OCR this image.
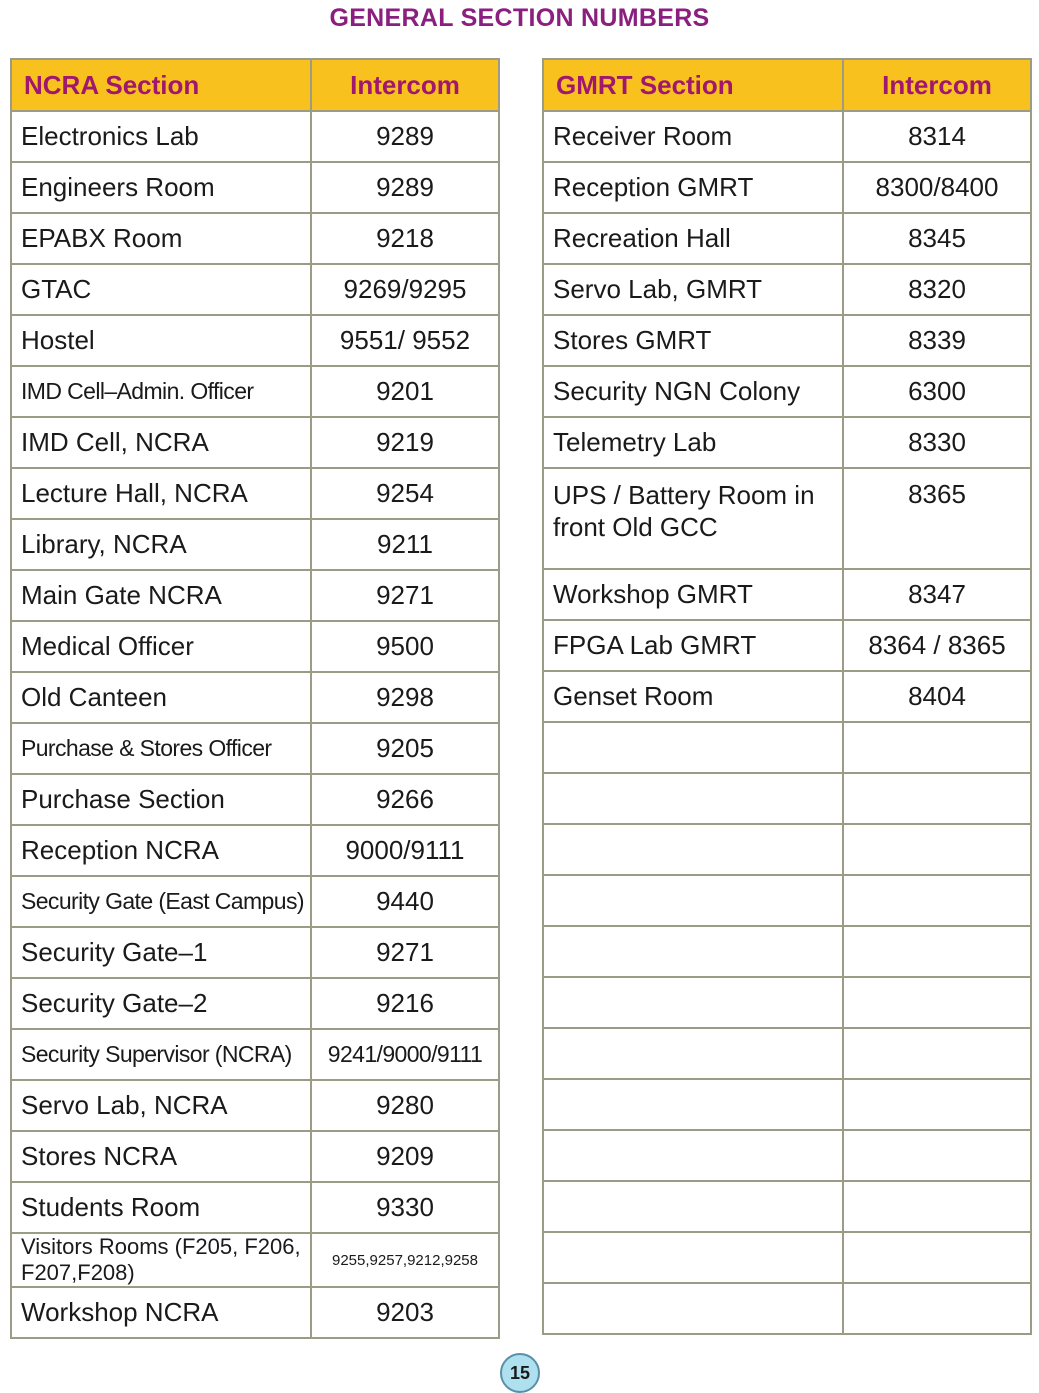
GENERAL SECTION NUMBERS
NCRA Section	Intercom
Electronics Lab	9289
Engineers Room	9289
EPABX Room	9218
GTAC	9269/9295
Hostel	9551/ 9552
IMD Cell–Admin. Officer	9201
IMD Cell, NCRA	9219
Lecture Hall, NCRA	9254
Library, NCRA	9211
Main Gate NCRA	9271
Medical Officer	9500
Old Canteen	9298
Purchase & Stores Officer	9205
Purchase Section	9266
Reception NCRA	9000/9111
Security Gate (East Campus)	9440
Security Gate–1	9271
Security Gate–2	9216
Security Supervisor (NCRA)	9241/9000/9111
Servo Lab, NCRA	9280
Stores NCRA	9209
Students Room	9330
Visitors Rooms (F205, F206, F207,F208)	9255,9257,9212,9258
Workshop NCRA	9203
GMRT Section	Intercom
Receiver Room	8314
Reception GMRT	8300/8400
Recreation Hall	8345
Servo Lab, GMRT	8320
Stores GMRT	8339
Security NGN Colony	6300
Telemetry Lab	8330
UPS / Battery Room in front Old GCC	8365
Workshop GMRT	8347
FPGA Lab GMRT	8364 / 8365
Genset Room	8404

15
